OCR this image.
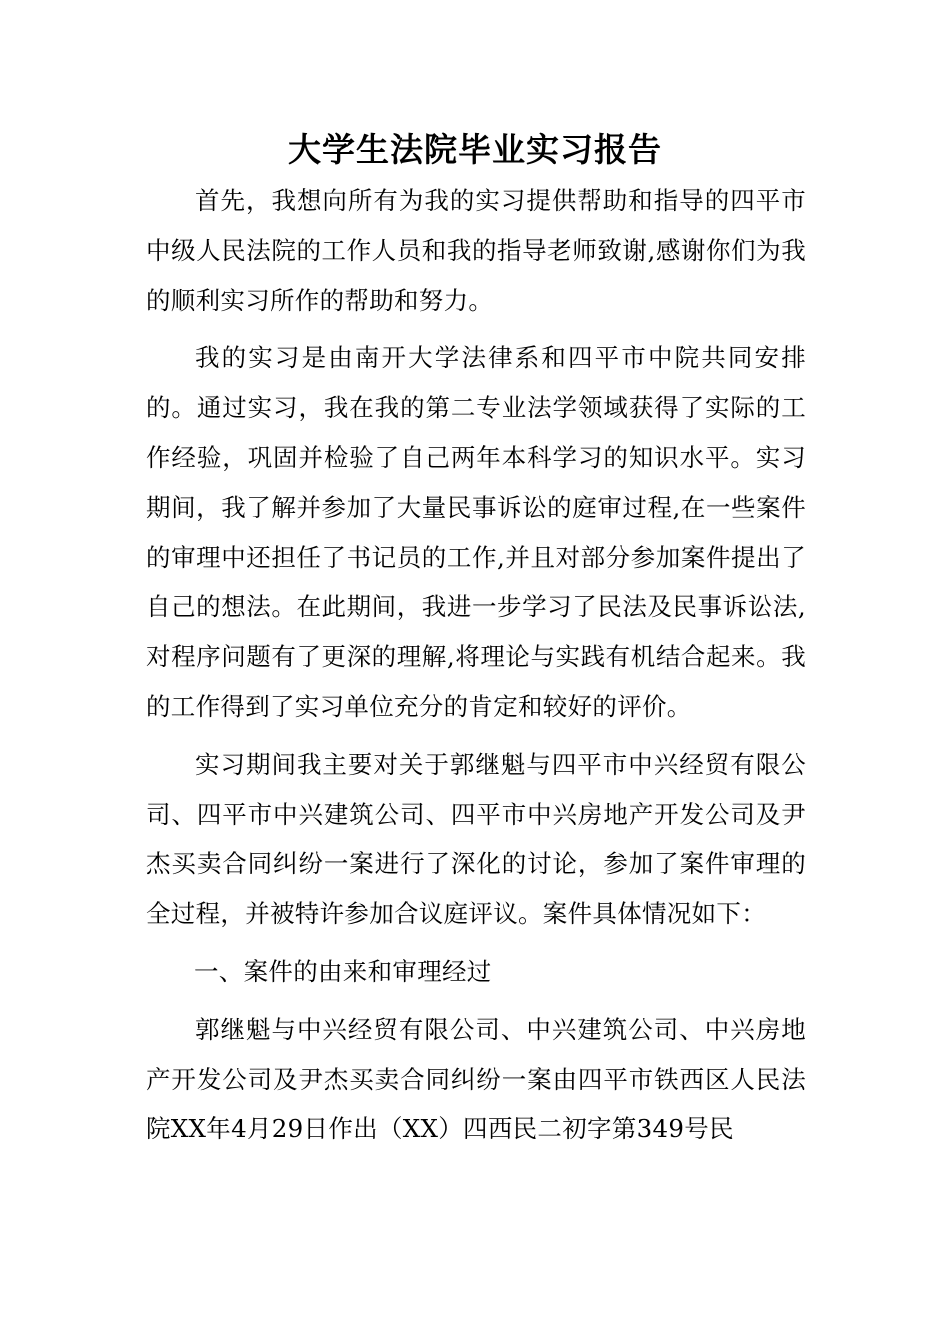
大学生法院毕业实习报告

首先，我想向所有为我的实习提供帮助和指导的四平市中级人民法院的工作人员和我的指导老师致谢,感谢你们为我的顺利实习所作的帮助和努力。

我的实习是由南开大学法律系和四平市中院共同安排的。通过实习，我在我的第二专业法学领域获得了实际的工作经验，巩固并检验了自己两年本科学习的知识水平。实习期间，我了解并参加了大量民事诉讼的庭审过程,在一些案件的审理中还担任了书记员的工作,并且对部分参加案件提出了自己的想法。在此期间，我进一步学习了民法及民事诉讼法,对程序问题有了更深的理解,将理论与实践有机结合起来。我的工作得到了实习单位充分的肯定和较好的评价。

实习期间我主要对关于郭继魁与四平市中兴经贸有限公司、四平市中兴建筑公司、四平市中兴房地产开发公司及尹杰买卖合同纠纷一案进行了深化的讨论，参加了案件审理的全过程，并被特许参加合议庭评议。案件具体情况如下：

一、案件的由来和审理经过

郭继魁与中兴经贸有限公司、中兴建筑公司、中兴房地产开发公司及尹杰买卖合同纠纷一案由四平市铁西区人民法院XX年4月29日作出（XX）四西民二初字第349号民
